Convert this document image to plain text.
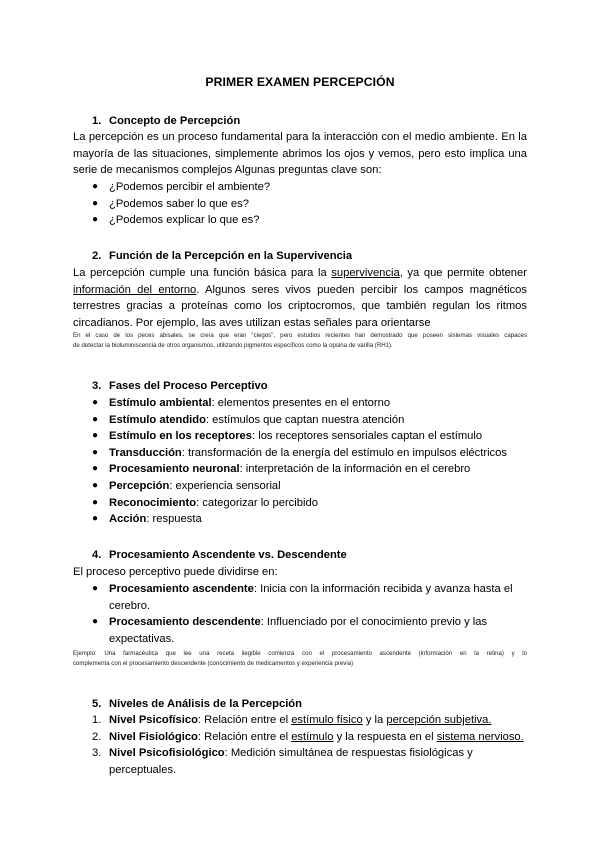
PRIMER EXAMEN PERCEPCIÓN
1. Concepto de Percepción

La percepción es un proceso fundamental para la interacción con el medio ambiente. En la

mayoría de las situaciones, simplemente abrimos los ojos y vemos, pero esto implica una

serie de mecanismos complejos Algunas preguntas clave son:

● ¿Podemos percibir el ambiente?
● ¿Podemos saber lo que es?
● ¿Podemos explicar lo que es?
2. Función de la Percepción en la Supervivencia

La percepción cumple una función básica para la supervivencia, ya que permite obtener

información del entorno. Algunos seres vivos pueden percibir los campos magnéticos

terrestres gracias a proteínas como los criptocromos, que también regulan los ritmos

circadianos. Por ejemplo, las aves utilizan estas señales para orientarse

En el caso de los peces abisales, se creía que eran "ciegos", pero estudios recientes han demostrado que poseen sistemas visuales capaces
de detectar la bioluminiscencia de otros organismos, utilizando pigmentos específicos como la opsina de varilla (RH1).
3. Fases del Proceso Perceptivo
● Estímulo ambiental: elementos presentes en el entorno
● Estímulo atendido: estímulos que captan nuestra atención
● Estímulo en los receptores: los receptores sensoriales captan el estímulo
● Transducción: transformación de la energía del estímulo en impulsos eléctricos
● Procesamiento neuronal: interpretación de la información en el cerebro
● Percepción: experiencia sensorial
● Reconocimiento: categorizar lo percibido
● Acción: respuesta
4. Procesamiento Ascendente vs. Descendente
El proceso perceptivo puede dividirse en:
● Procesamiento ascendente: Inicia con la información recibida y avanza hasta el
cerebro.
● Procesamiento descendente: Influenciado por el conocimiento previo y las
expectativas.
Ejemplo: Una farmacéutica que lee una receta ilegible comienza con el procesamiento ascendente (información en la retina) y lo
complementa con el procesamiento descendente (conocimiento de medicamentos y experiencia previa)
5. Niveles de Análisis de la Percepción
1. Nivel Psicofísico: Relación entre el estímulo físico y la percepción subjetiva.
2. Nivel Fisiológico: Relación entre el estímulo y la respuesta en el sistema nervioso.
3. Nivel Psicofisiológico: Medición simultánea de respuestas fisiológicas y perceptuales.
